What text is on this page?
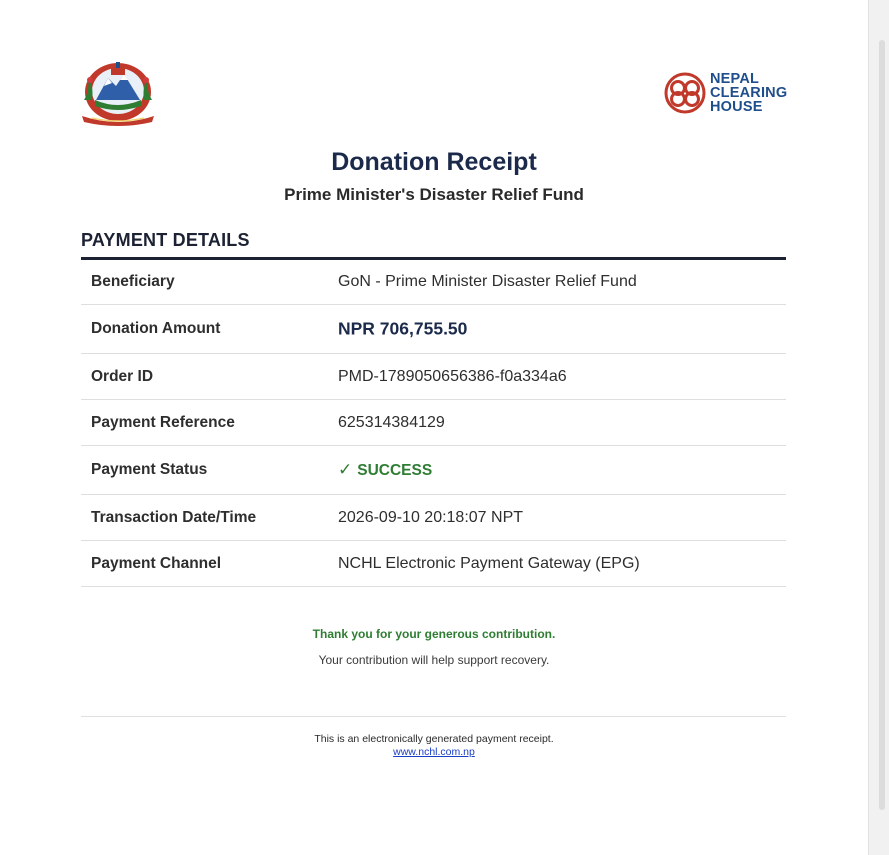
NEPAL
CLEARING
HOUSE
Donation Receipt
Prime Minister's Disaster Relief Fund
PAYMENT DETAILS
Beneficiary	GoN - Prime Minister Disaster Relief Fund
Donation Amount	NPR 706,755.50
Order ID	PMD-1789050656386-f0a334a6
Payment Reference	625314384129
Payment Status	✓ SUCCESS
Transaction Date/Time	2026-09-10 20:18:07 NPT
Payment Channel	NCHL Electronic Payment Gateway (EPG)
Thank you for your generous contribution.
Your contribution will help support recovery.
This is an electronically generated payment receipt.
www.nchl.com.np
